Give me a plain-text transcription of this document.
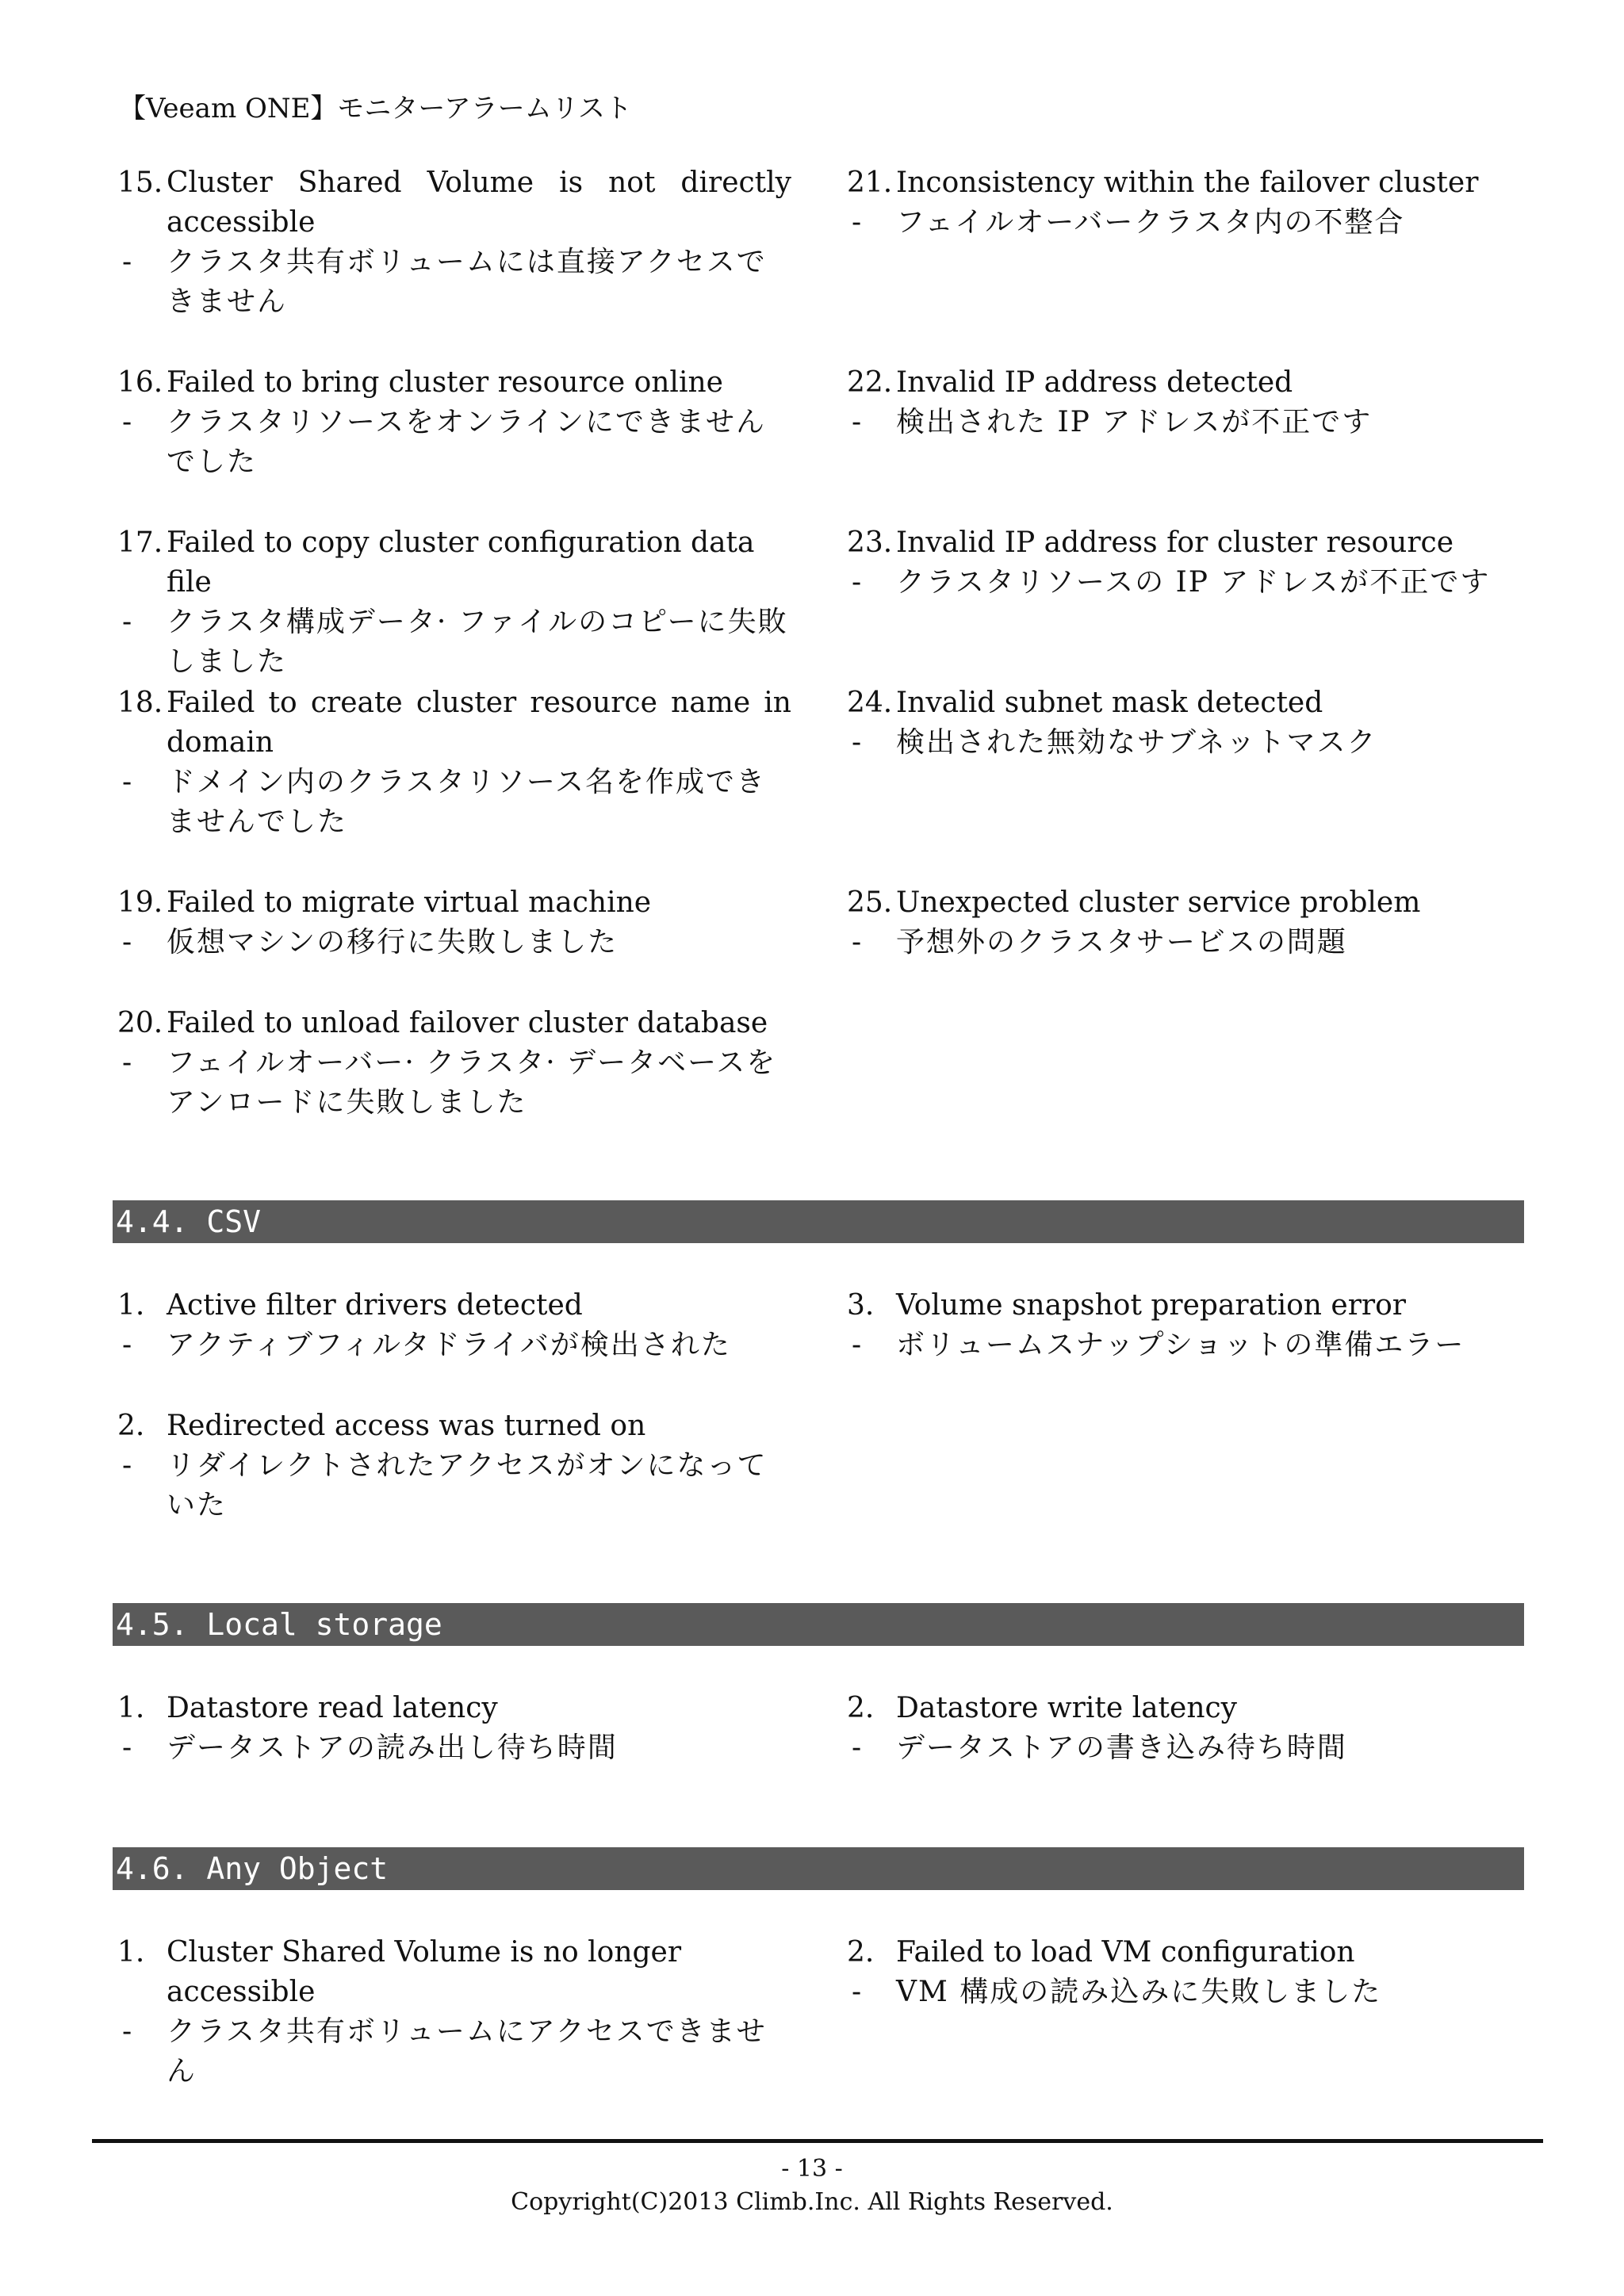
【Veeam ONE】モニターアラームリスト
15. Cluster Shared Volume is not directly accessible
-	クラスタ共有ボリュームには直接アクセスできません
16. Failed to bring cluster resource online
-	クラスタリソースをオンラインにできませんでした
17. Failed to copy cluster configuration data file
-	クラスタ構成データ· ファイルのコピーに失敗しました
18. Failed to create cluster resource name in domain
-	ドメイン内のクラスタリソース名を作成できませんでした
19. Failed to migrate virtual machine
-	仮想マシンの移行に失敗しました
20. Failed to unload failover cluster database
-	フェイルオーバー· クラスタ· データベースをアンロードに失敗しました
21. Inconsistency within the failover cluster
-	フェイルオーバークラスタ内の不整合
22. Invalid IP address detected
-	検出された IP アドレスが不正です
23. Invalid IP address for cluster resource
-	クラスタリソースの IP アドレスが不正です
24. Invalid subnet mask detected
-	検出された無効なサブネットマスク
25. Unexpected cluster service problem
-	予想外のクラスタサービスの問題
4.4. CSV
1. Active filter drivers detected
-	アクティブフィルタドライバが検出された
2. Redirected access was turned on
-	リダイレクトされたアクセスがオンになっていた
3. Volume snapshot preparation error
-	ボリュームスナップショットの準備エラー
4.5. Local storage
1. Datastore read latency
-	データストアの読み出し待ち時間
2. Datastore write latency
-	データストアの書き込み待ち時間
4.6. Any Object
1. Cluster Shared Volume is no longer accessible
-	クラスタ共有ボリュームにアクセスできません
2. Failed to load VM configuration
-	VM 構成の読み込みに失敗しました
- 13 -
Copyright(C)2013 Climb.Inc. All Rights Reserved.
